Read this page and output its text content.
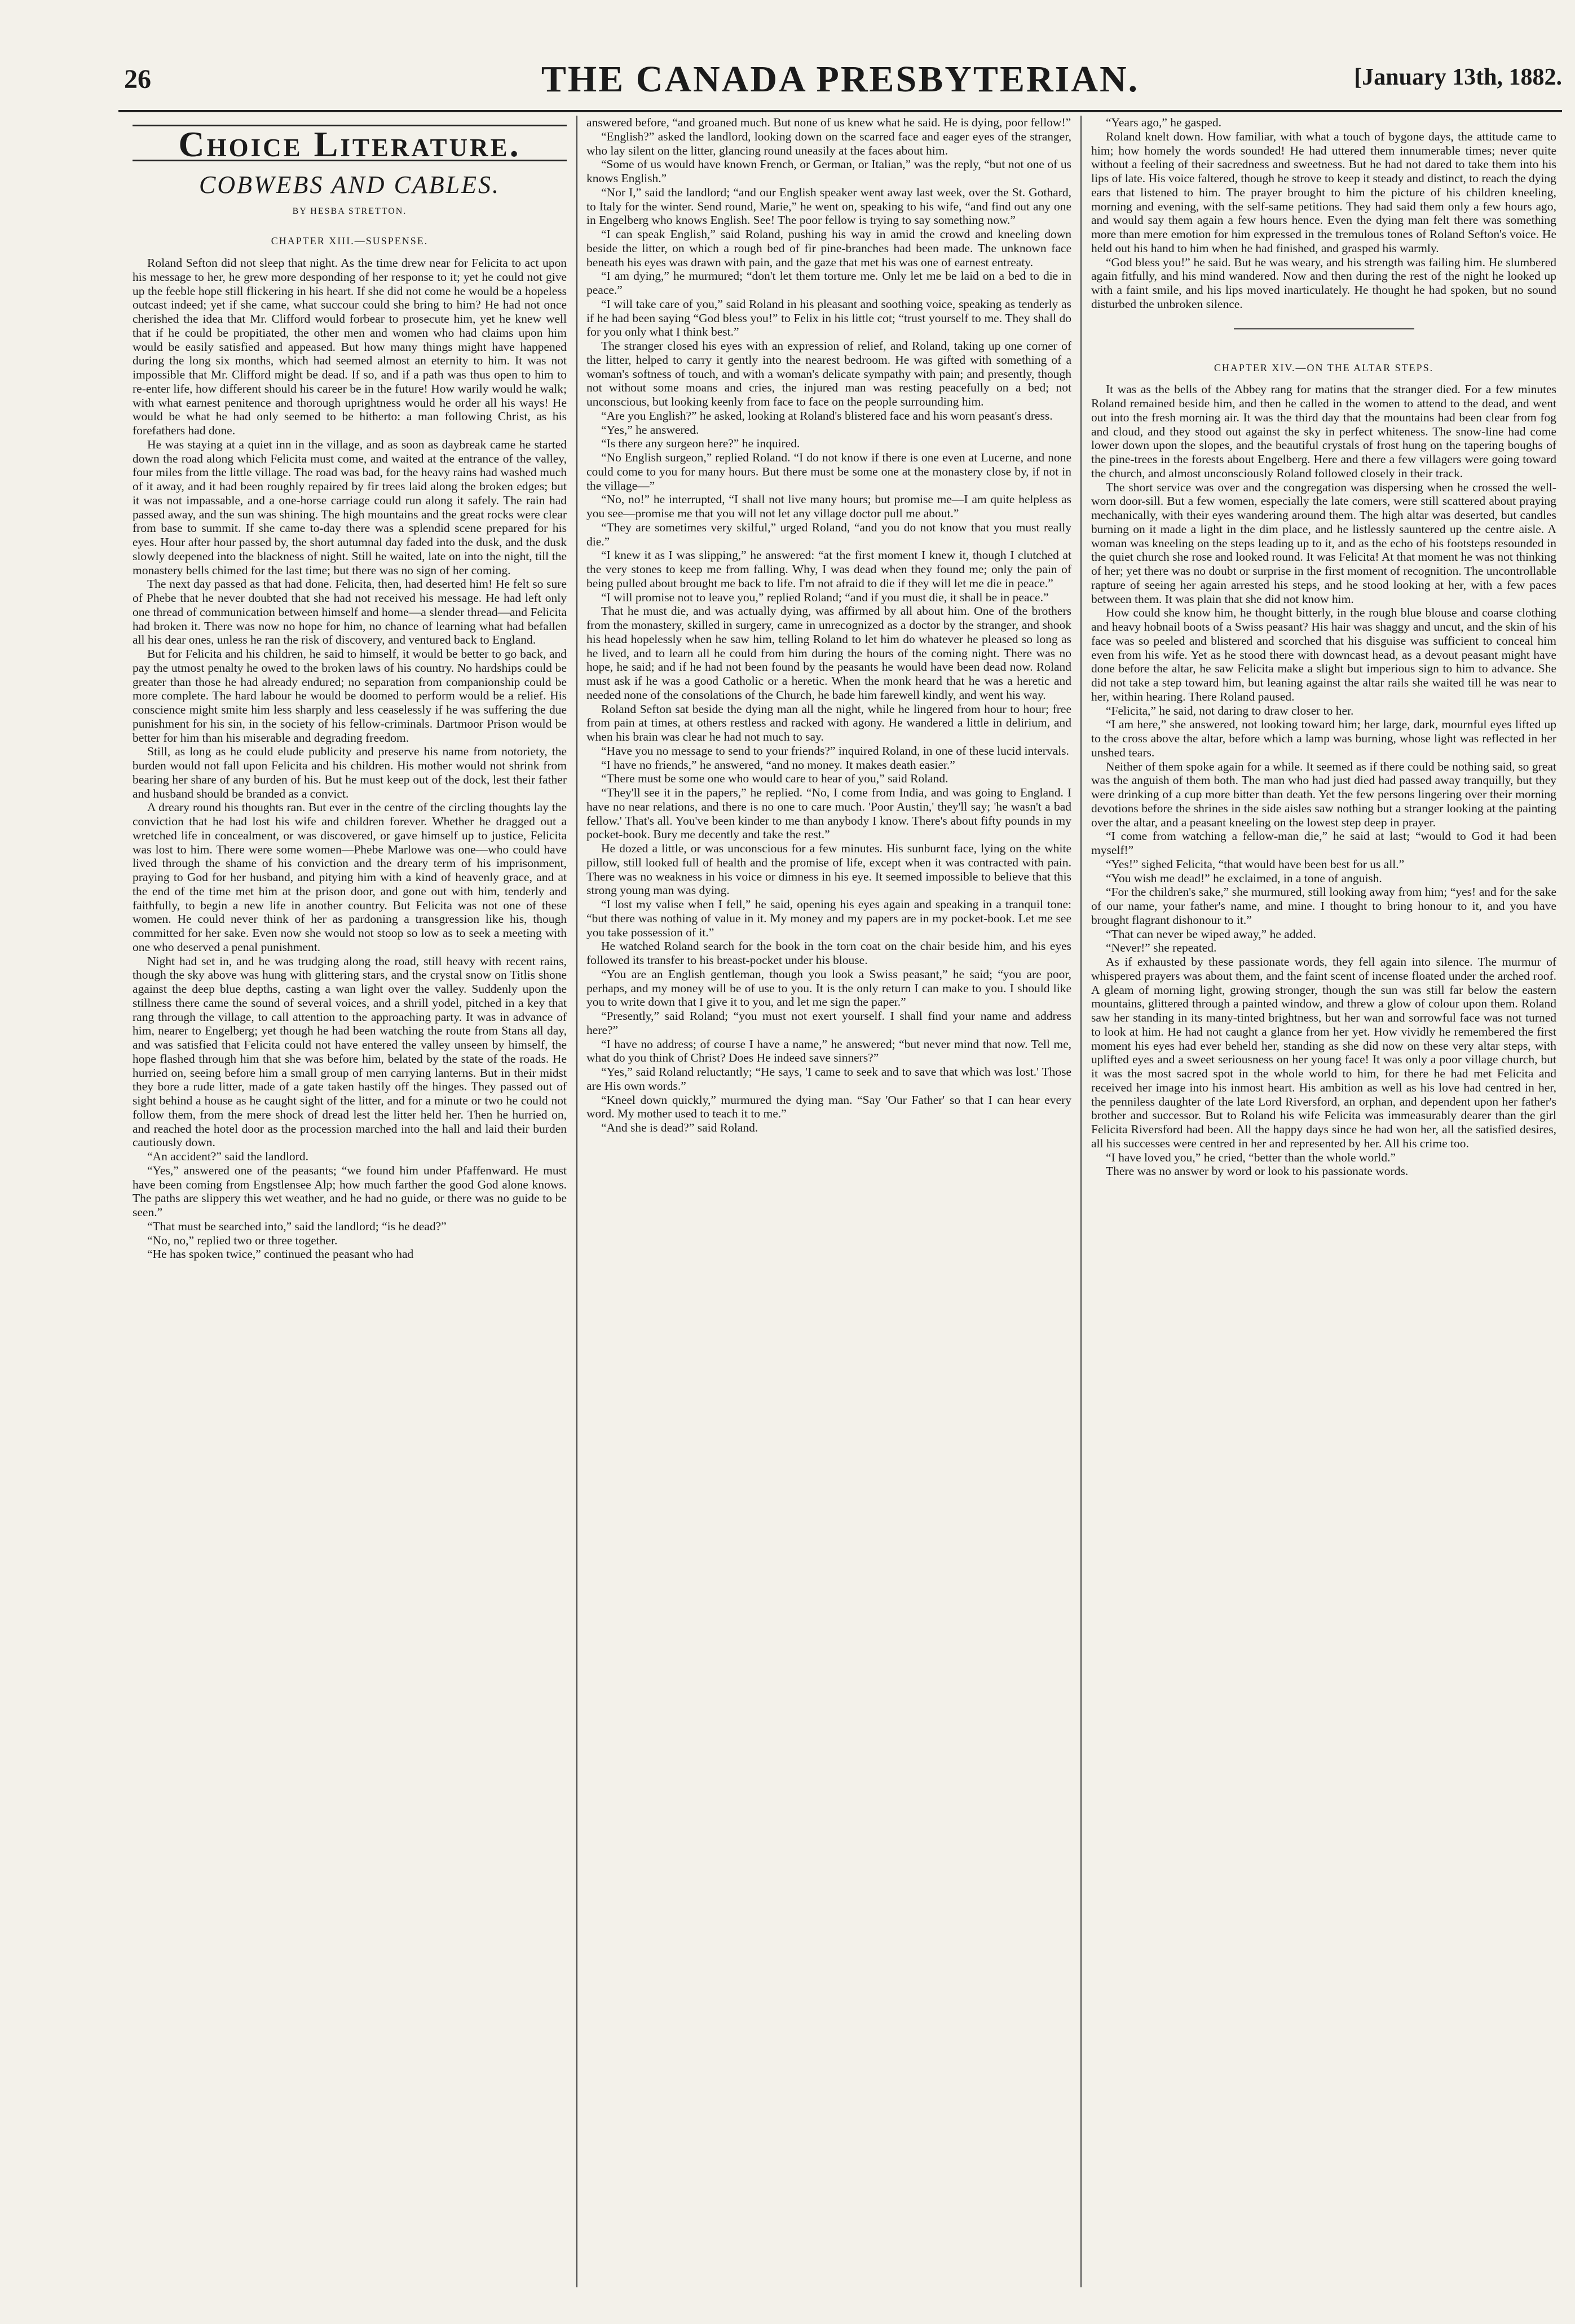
26	THE CANADA PRESBYTERIAN.	[January 13th, 1882.
Choice Literature.
COBWEBS AND CABLES.
BY HESBA STRETTON.
CHAPTER XIII.—SUSPENSE.

Roland Sefton did not sleep that night. As the time drew near for Felicita to act upon his message to her, he grew more desponding of her response to it; yet he could not give up the feeble hope still flickering in his heart. If she did not come he would be a hopeless outcast indeed; yet if she came, what succour could she bring to him? He had not once cherished the idea that Mr. Clifford would forbear to prosecute him, yet he knew well that if he could be propitiated, the other men and women who had claims upon him would be easily satisfied and appeased. But how many things might have happened during the long six months, which had seemed almost an eternity to him. It was not impossible that Mr. Clifford might be dead. If so, and if a path was thus open to him to re-enter life, how different should his career be in the future! How warily would he walk; with what earnest penitence and thorough uprightness would he order all his ways! He would be what he had only seemed to be hitherto: a man following Christ, as his forefathers had done.

He was staying at a quiet inn in the village, and as soon as daybreak came he started down the road along which Felicita must come, and waited at the entrance of the valley, four miles from the little village. The road was bad, for the heavy rains had washed much of it away, and it had been roughly repaired by fir trees laid along the broken edges; but it was not impassable, and a one-horse carriage could run along it safely. The rain had passed away, and the sun was shining. The high mountains and the great rocks were clear from base to summit. If she came to-day there was a splendid scene prepared for his eyes. Hour after hour passed by, the short autumnal day faded into the dusk, and the dusk slowly deepened into the blackness of night. Still he waited, late on into the night, till the monastery bells chimed for the last time; but there was no sign of her coming.

The next day passed as that had done. Felicita, then, had deserted him! He felt so sure of Phebe that he never doubted that she had not received his message. He had left only one thread of communication between himself and home—a slender thread—and Felicita had broken it. There was now no hope for him, no chance of learning what had befallen all his dear ones, unless he ran the risk of discovery, and ventured back to England.

But for Felicita and his children, he said to himself, it would be better to go back, and pay the utmost penalty he owed to the broken laws of his country. No hardships could be greater than those he had already endured; no separation from companionship could be more complete. The hard labour he would be doomed to perform would be a relief. His conscience might smite him less sharply and less ceaselessly if he was suffering the due punishment for his sin, in the society of his fellow-criminals. Dartmoor Prison would be better for him than his miserable and degrading freedom.

Still, as long as he could elude publicity and preserve his name from notoriety, the burden would not fall upon Felicita and his children. His mother would not shrink from bearing her share of any burden of his. But he must keep out of the dock, lest their father and husband should be branded as a convict.

A dreary round his thoughts ran. But ever in the centre of the circling thoughts lay the conviction that he had lost his wife and children forever. Whether he dragged out a wretched life in concealment, or was discovered, or gave himself up to justice, Felicita was lost to him. There were some women—Phebe Marlowe was one—who could have lived through the shame of his conviction and the dreary term of his imprisonment, praying to God for her husband, and pitying him with a kind of heavenly grace, and at the end of the time met him at the prison door, and gone out with him, tenderly and faithfully, to begin a new life in another country. But Felicita was not one of these women. He could never think of her as pardoning a transgression like his, though committed for her sake. Even now she would not stoop so low as to seek a meeting with one who deserved a penal punishment.

Night had set in, and he was trudging along the road, still heavy with recent rains, though the sky above was hung with glittering stars, and the crystal snow on Titlis shone against the deep blue depths, casting a wan light over the valley. Suddenly upon the stillness there came the sound of several voices, and a shrill yodel, pitched in a key that rang through the village, to call attention to the approaching party. It was in advance of him, nearer to Engelberg; yet though he had been watching the route from Stans all day, and was satisfied that Felicita could not have entered the valley unseen by himself, the hope flashed through him that she was before him, belated by the state of the roads. He hurried on, seeing before him a small group of men carrying lanterns. But in their midst they bore a rude litter, made of a gate taken hastily off the hinges. They passed out of sight behind a house as he caught sight of the litter, and for a minute or two he could not follow them, from the mere shock of dread lest the litter held her. Then he hurried on, and reached the hotel door as the procession marched into the hall and laid their burden cautiously down.

“An accident?” said the landlord.

“Yes,” answered one of the peasants; “we found him under Pfaffenward. He must have been coming from Engstlensee Alp; how much farther the good God alone knows. The paths are slippery this wet weather, and he had no guide, or there was no guide to be seen.”

“That must be searched into,” said the landlord; “is he dead?”

“No, no,” replied two or three together.

“He has spoken twice,” continued the peasant who had

answered before, “and groaned much. But none of us knew what he said. He is dying, poor fellow!”

“English?” asked the landlord, looking down on the scarred face and eager eyes of the stranger, who lay silent on the litter, glancing round uneasily at the faces about him.

“Some of us would have known French, or German, or Italian,” was the reply, “but not one of us knows English.”

“Nor I,” said the landlord; “and our English speaker went away last week, over the St. Gothard, to Italy for the winter. Send round, Marie,” he went on, speaking to his wife, “and find out any one in Engelberg who knows English. See! The poor fellow is trying to say something now.”

“I can speak English,” said Roland, pushing his way in amid the crowd and kneeling down beside the litter, on which a rough bed of fir pine-branches had been made. The unknown face beneath his eyes was drawn with pain, and the gaze that met his was one of earnest entreaty.

“I am dying,” he murmured; “don't let them torture me. Only let me be laid on a bed to die in peace.”

“I will take care of you,” said Roland in his pleasant and soothing voice, speaking as tenderly as if he had been saying “God bless you!” to Felix in his little cot; “trust yourself to me. They shall do for you only what I think best.”

The stranger closed his eyes with an expression of relief, and Roland, taking up one corner of the litter, helped to carry it gently into the nearest bedroom. He was gifted with something of a woman's softness of touch, and with a woman's delicate sympathy with pain; and presently, though not without some moans and cries, the injured man was resting peacefully on a bed; not unconscious, but looking keenly from face to face on the people surrounding him.

“Are you English?” he asked, looking at Roland's blistered face and his worn peasant's dress.

“Yes,” he answered.

“Is there any surgeon here?” he inquired.

“No English surgeon,” replied Roland. “I do not know if there is one even at Lucerne, and none could come to you for many hours. But there must be some one at the monastery close by, if not in the village—”

“No, no!” he interrupted, “I shall not live many hours; but promise me—I am quite helpless as you see—promise me that you will not let any village doctor pull me about.”

“They are sometimes very skilful,” urged Roland, “and you do not know that you must really die.”

“I knew it as I was slipping,” he answered: “at the first moment I knew it, though I clutched at the very stones to keep me from falling. Why, I was dead when they found me; only the pain of being pulled about brought me back to life. I'm not afraid to die if they will let me die in peace.”

“I will promise not to leave you,” replied Roland; “and if you must die, it shall be in peace.”

That he must die, and was actually dying, was affirmed by all about him. One of the brothers from the monastery, skilled in surgery, came in unrecognized as a doctor by the stranger, and shook his head hopelessly when he saw him, telling Roland to let him do whatever he pleased so long as he lived, and to learn all he could from him during the hours of the coming night. There was no hope, he said; and if he had not been found by the peasants he would have been dead now. Roland must ask if he was a good Catholic or a heretic. When the monk heard that he was a heretic and needed none of the consolations of the Church, he bade him farewell kindly, and went his way.

Roland Sefton sat beside the dying man all the night, while he lingered from hour to hour; free from pain at times, at others restless and racked with agony. He wandered a little in delirium, and when his brain was clear he had not much to say.

“Have you no message to send to your friends?” inquired Roland, in one of these lucid intervals.

“I have no friends,” he answered, “and no money. It makes death easier.”

“There must be some one who would care to hear of you,” said Roland.

“They'll see it in the papers,” he replied. “No, I come from India, and was going to England. I have no near relations, and there is no one to care much. 'Poor Austin,' they'll say; 'he wasn't a bad fellow.' That's all. You've been kinder to me than anybody I know. There's about fifty pounds in my pocket-book. Bury me decently and take the rest.”

He dozed a little, or was unconscious for a few minutes. His sunburnt face, lying on the white pillow, still looked full of health and the promise of life, except when it was contracted with pain. There was no weakness in his voice or dimness in his eye. It seemed impossible to believe that this strong young man was dying.

“I lost my valise when I fell,” he said, opening his eyes again and speaking in a tranquil tone: “but there was nothing of value in it. My money and my papers are in my pocket-book. Let me see you take possession of it.”

He watched Roland search for the book in the torn coat on the chair beside him, and his eyes followed its transfer to his breast-pocket under his blouse.

“You are an English gentleman, though you look a Swiss peasant,” he said; “you are poor, perhaps, and my money will be of use to you. It is the only return I can make to you. I should like you to write down that I give it to you, and let me sign the paper.”

“Presently,” said Roland; “you must not exert yourself. I shall find your name and address here?”

“I have no address; of course I have a name,” he answered; “but never mind that now. Tell me, what do you think of Christ? Does He indeed save sinners?”

“Yes,” said Roland reluctantly; “He says, 'I came to seek and to save that which was lost.' Those are His own words.”

“Kneel down quickly,” murmured the dying man. “Say 'Our Father' so that I can hear every word. My mother used to teach it to me.”

“And she is dead?” said Roland.

“Years ago,” he gasped.

Roland knelt down. How familiar, with what a touch of bygone days, the attitude came to him; how homely the words sounded! He had uttered them innumerable times; never quite without a feeling of their sacredness and sweetness. But he had not dared to take them into his lips of late. His voice faltered, though he strove to keep it steady and distinct, to reach the dying ears that listened to him. The prayer brought to him the picture of his children kneeling, morning and evening, with the self-same petitions. They had said them only a few hours ago, and would say them again a few hours hence. Even the dying man felt there was something more than mere emotion for him expressed in the tremulous tones of Roland Sefton's voice. He held out his hand to him when he had finished, and grasped his warmly.

“God bless you!” he said. But he was weary, and his strength was failing him. He slumbered again fitfully, and his mind wandered. Now and then during the rest of the night he looked up with a faint smile, and his lips moved inarticulately. He thought he had spoken, but no sound disturbed the unbroken silence.

CHAPTER XIV.—ON THE ALTAR STEPS.

It was as the bells of the Abbey rang for matins that the stranger died. For a few minutes Roland remained beside him, and then he called in the women to attend to the dead, and went out into the fresh morning air. It was the third day that the mountains had been clear from fog and cloud, and they stood out against the sky in perfect whiteness. The snow-line had come lower down upon the slopes, and the beautiful crystals of frost hung on the tapering boughs of the pine-trees in the forests about Engelberg. Here and there a few villagers were going toward the church, and almost unconsciously Roland followed closely in their track.

The short service was over and the congregation was dispersing when he crossed the well-worn door-sill. But a few women, especially the late comers, were still scattered about praying mechanically, with their eyes wandering around them. The high altar was deserted, but candles burning on it made a light in the dim place, and he listlessly sauntered up the centre aisle. A woman was kneeling on the steps leading up to it, and as the echo of his footsteps resounded in the quiet church she rose and looked round. It was Felicita! At that moment he was not thinking of her; yet there was no doubt or surprise in the first moment of recognition. The uncontrollable rapture of seeing her again arrested his steps, and he stood looking at her, with a few paces between them. It was plain that she did not know him.

How could she know him, he thought bitterly, in the rough blue blouse and coarse clothing and heavy hobnail boots of a Swiss peasant? His hair was shaggy and uncut, and the skin of his face was so peeled and blistered and scorched that his disguise was sufficient to conceal him even from his wife. Yet as he stood there with downcast head, as a devout peasant might have done before the altar, he saw Felicita make a slight but imperious sign to him to advance. She did not take a step toward him, but leaning against the altar rails she waited till he was near to her, within hearing. There Roland paused.

“Felicita,” he said, not daring to draw closer to her.

“I am here,” she answered, not looking toward him; her large, dark, mournful eyes lifted up to the cross above the altar, before which a lamp was burning, whose light was reflected in her unshed tears.

Neither of them spoke again for a while. It seemed as if there could be nothing said, so great was the anguish of them both. The man who had just died had passed away tranquilly, but they were drinking of a cup more bitter than death. Yet the few persons lingering over their morning devotions before the shrines in the side aisles saw nothing but a stranger looking at the painting over the altar, and a peasant kneeling on the lowest step deep in prayer.

“I come from watching a fellow-man die,” he said at last; “would to God it had been myself!”

“Yes!” sighed Felicita, “that would have been best for us all.”

“You wish me dead!” he exclaimed, in a tone of anguish.

“For the children's sake,” she murmured, still looking away from him; “yes! and for the sake of our name, your father's name, and mine. I thought to bring honour to it, and you have brought flagrant dishonour to it.”

“That can never be wiped away,” he added.

“Never!” she repeated.

As if exhausted by these passionate words, they fell again into silence. The murmur of whispered prayers was about them, and the faint scent of incense floated under the arched roof. A gleam of morning light, growing stronger, though the sun was still far below the eastern mountains, glittered through a painted window, and threw a glow of colour upon them. Roland saw her standing in its many-tinted brightness, but her wan and sorrowful face was not turned to look at him. He had not caught a glance from her yet. How vividly he remembered the first moment his eyes had ever beheld her, standing as she did now on these very altar steps, with uplifted eyes and a sweet seriousness on her young face! It was only a poor village church, but it was the most sacred spot in the whole world to him, for there he had met Felicita and received her image into his inmost heart. His ambition as well as his love had centred in her, the penniless daughter of the late Lord Riversford, an orphan, and dependent upon her father's brother and successor. But to Roland his wife Felicita was immeasurably dearer than the girl Felicita Riversford had been. All the happy days since he had won her, all the satisfied desires, all his successes were centred in her and represented by her. All his crime too.

“I have loved you,” he cried, “better than the whole world.”

There was no answer by word or look to his passionate words.
